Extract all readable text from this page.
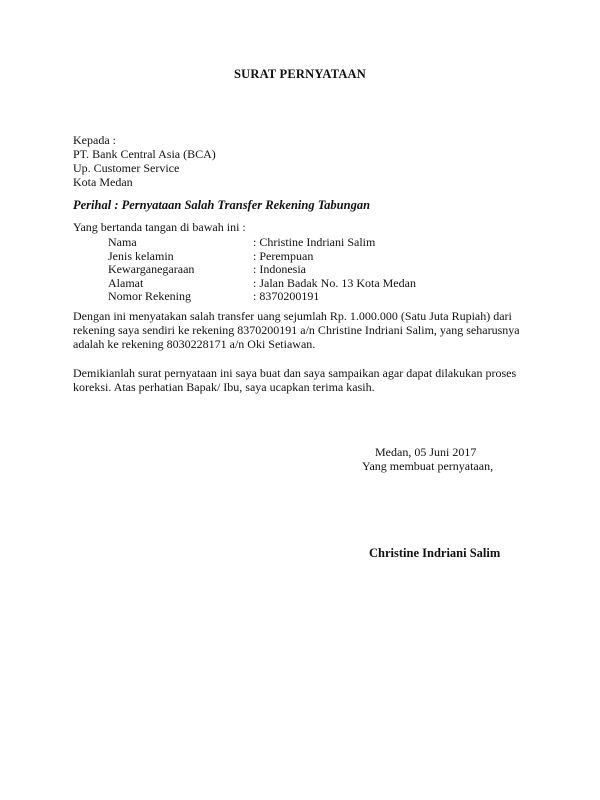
SURAT PERNYATAAN
Kepada :
PT. Bank Central Asia (BCA)
Up. Customer Service
Kota Medan
Perihal : Pernyataan Salah Transfer Rekening Tabungan
Yang bertanda tangan di bawah ini :
Nama	: Christine Indriani Salim
Jenis kelamin	: Perempuan
Kewarganegaraan	: Indonesia
Alamat	: Jalan Badak No. 13 Kota Medan
Nomor Rekening	: 8370200191
Dengan ini menyatakan salah transfer uang sejumlah Rp. 1.000.000 (Satu Juta Rupiah) dari
rekening saya sendiri ke rekening 8370200191 a/n Christine Indriani Salim, yang seharusnya
adalah ke rekening 8030228171 a/n Oki Setiawan.
Demikianlah surat pernyataan ini saya buat dan saya sampaikan agar dapat dilakukan proses
koreksi. Atas perhatian Bapak/ Ibu, saya ucapkan terima kasih.
Medan, 05 Juni 2017
Yang membuat pernyataan,
Christine Indriani Salim
